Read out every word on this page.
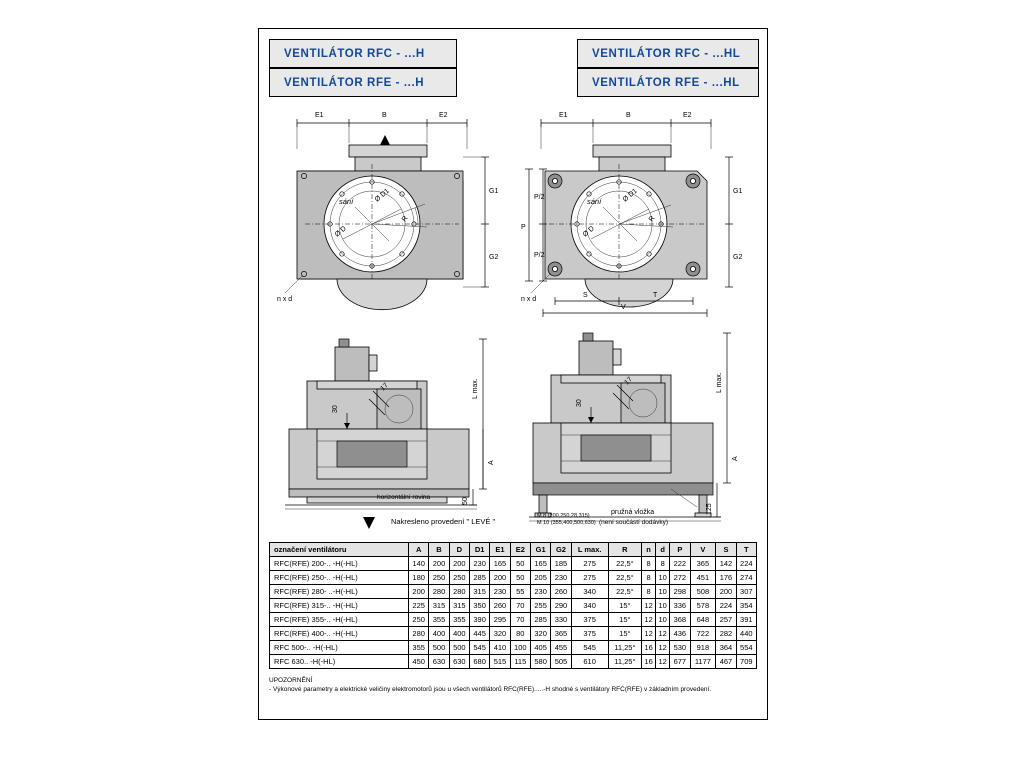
VENTILÁTOR RFC - ...H
VENTILÁTOR RFE - ...H
VENTILÁTOR RFC - ...HL
VENTILÁTOR RFE - ...HL
E1	B	E2
sání	Ø D1
Ø D
R
n x d
G1
G2
E1	B	E2
sání	Ø D1
Ø D
R
n x d
P
P/2
P/2
G1
G2
S	T
V
30
17	L max.
A
50
30
17	L max.
A
125
horizontální rovina
Nakresleno provedení " LEVÉ "
pružná vložka
(není součástí dodávky)
M 8 (200,250,28,315)
M 10 (355,400,500,630)
označení ventilátoru	A	B	D	D1	E1	E2	G1	G2	L max.	R	n	d	P	V	S	T
RFC(RFE) 200-.. -H(-HL)	140	200	200	230	165	50	165	185	275	22,5°	8	8	222	365	142	224
RFC(RFE) 250-.. -H(-HL)	180	250	250	285	200	50	205	230	275	22,5°	8	10	272	451	176	274
RFC(RFE) 280- ..-H(-HL)	200	280	280	315	230	55	230	260	340	22,5°	8	10	298	508	200	307
RFC(RFE) 315-.. -H(-HL)	225	315	315	350	260	70	255	290	340	15°	12	10	336	578	224	354
RFC(RFE) 355-.. -H(-HL)	250	355	355	390	295	70	285	330	375	15°	12	10	368	648	257	391
RFC(RFE) 400-.. -H(-HL)	280	400	400	445	320	80	320	365	375	15°	12	12	436	722	282	440
RFC 500-.. -H(-HL)	355	500	500	545	410	100	405	455	545	11,25°	16	12	530	918	364	554
RFC 630.. -H(-HL)	450	630	630	680	515	115	580	505	610	11,25°	16	12	677	1177	467	709
UPOZORNĚNÍ
- Výkonové parametry a elektrické veličiny elektromotorů jsou u všech ventilátorů RFC(RFE).....-H shodné s ventilátory RFC(RFE) v základním provedení.
